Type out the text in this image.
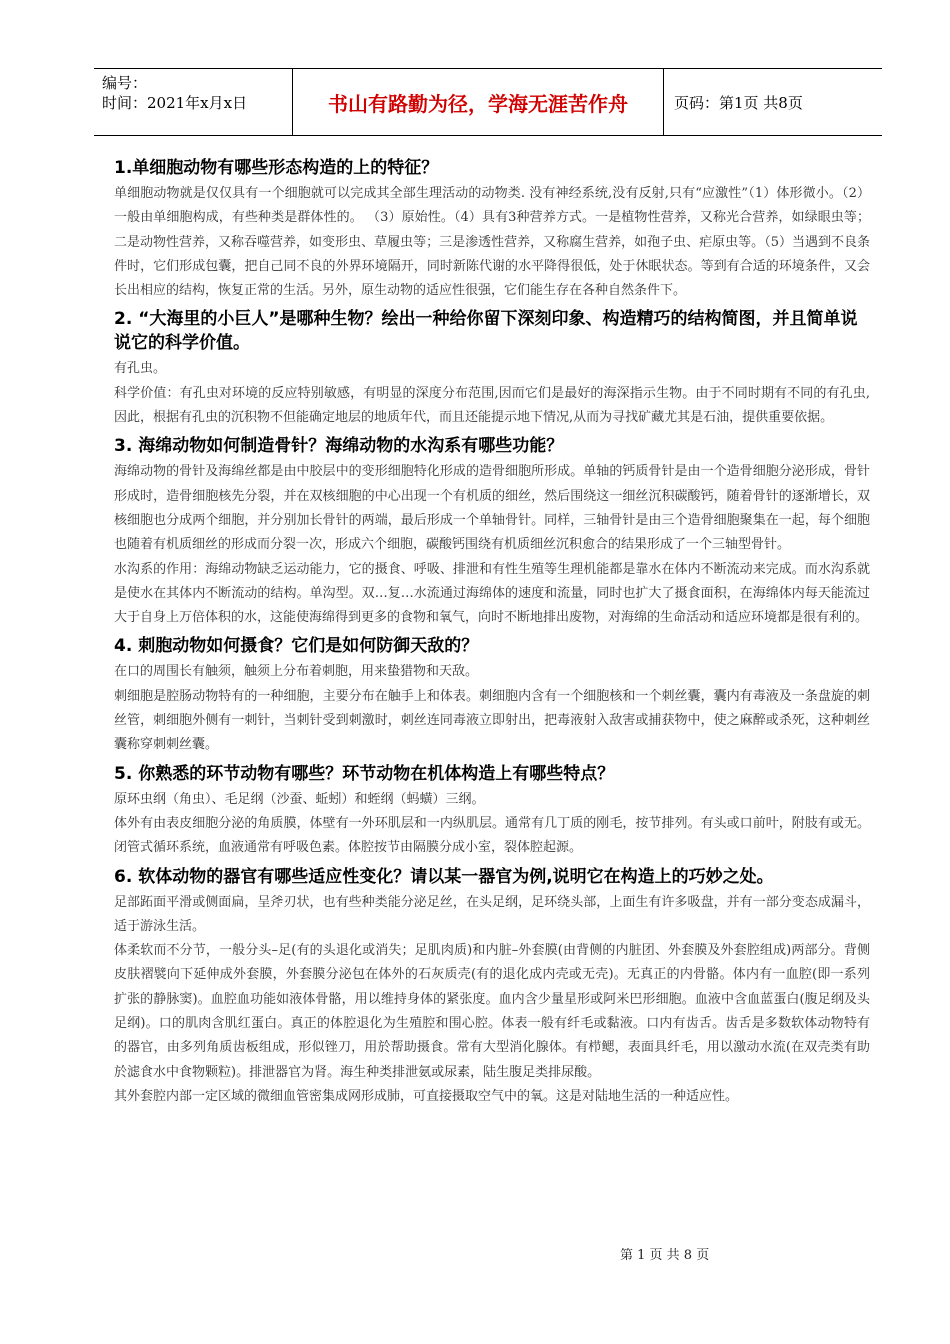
编号：
时间：2021年x月x日	书山有路勤为径，学海无涯苦作舟	页码：第1页 共8页
1.单细胞动物有哪些形态构造的上的特征？

单细胞动物就是仅仅具有一个细胞就可以完成其全部生理活动的动物类. 没有神经系统,没有反射,只有“应激性”（1）体形微小。（2）一般由单细胞构成，有些种类是群体性的。 （3）原始性。（4）具有3种营养方式。一是植物性营养，又称光合营养，如绿眼虫等；二是动物性营养，又称吞噬营养，如变形虫、草履虫等；三是渗透性营养，又称腐生营养，如孢子虫、疟原虫等。（5）当遇到不良条件时，它们形成包囊，把自己同不良的外界环境隔开，同时新陈代谢的水平降得很低，处于休眠状态。等到有合适的环境条件，又会长出相应的结构，恢复正常的生活。另外，原生动物的适应性很强，它们能生存在各种自然条件下。

2. “大海里的小巨人”是哪种生物？绘出一种给你留下深刻印象、构造精巧的结构简图，并且简单说说它的科学价值。

有孔虫。

科学价值：有孔虫对环境的反应特别敏感，有明显的深度分布范围,因而它们是最好的海深指示生物。由于不同时期有不同的有孔虫,因此，根据有孔虫的沉积物不但能确定地层的地质年代，而且还能提示地下情况,从而为寻找矿藏尤其是石油，提供重要依据。

3. 海绵动物如何制造骨针？海绵动物的水沟系有哪些功能？

海绵动物的骨针及海绵丝都是由中胶层中的变形细胞特化形成的造骨细胞所形成。单轴的钙质骨针是由一个造骨细胞分泌形成，骨针形成时，造骨细胞核先分裂，并在双核细胞的中心出现一个有机质的细丝，然后围绕这一细丝沉积碳酸钙，随着骨针的逐渐增长，双核细胞也分成两个细胞，并分别加长骨针的两端，最后形成一个单轴骨针。同样，三轴骨针是由三个造骨细胞聚集在一起，每个细胞也随着有机质细丝的形成而分裂一次，形成六个细胞，碳酸钙围绕有机质细丝沉积愈合的结果形成了一个三轴型骨针。

水沟系的作用：海绵动物缺乏运动能力，它的摄食、呼吸、排泄和有性生殖等生理机能都是靠水在体内不断流动来完成。而水沟系就是使水在其体内不断流动的结构。单沟型。双…复…水流通过海绵体的速度和流量，同时也扩大了摄食面积，在海绵体内每天能流过大于自身上万倍体积的水，这能使海绵得到更多的食物和氧气，向时不断地排出废物，对海绵的生命活动和适应环境都是很有利的。

4. 刺胞动物如何摄食？它们是如何防御天敌的？

在口的周围长有触须，触须上分布着刺胞，用来蛰猎物和天敌。

刺细胞是腔肠动物特有的一种细胞，主要分布在触手上和体表。刺细胞内含有一个细胞核和一个刺丝囊，囊内有毒液及一条盘旋的刺丝管，刺细胞外侧有一刺针，当刺针受到刺激时，刺丝连同毒液立即射出，把毒液射入敌害或捕获物中，使之麻醉或杀死，这种刺丝囊称穿刺刺丝囊。

5. 你熟悉的环节动物有哪些？环节动物在机体构造上有哪些特点？

原环虫纲（角虫）、毛足纲（沙蚕、蚯蚓）和蛭纲（蚂蟥）三纲。

体外有由表皮细胞分泌的角质膜，体壁有一外环肌层和一内纵肌层。通常有几丁质的刚毛，按节排列。有头或口前叶，附肢有或无。闭管式循环系统，血液通常有呼吸色素。体腔按节由隔膜分成小室，裂体腔起源。

6. 软体动物的器官有哪些适应性变化？请以某一器官为例,说明它在构造上的巧妙之处。

足部跖面平滑或侧面扁，呈斧刃状，也有些种类能分泌足丝，在头足纲，足环绕头部，上面生有许多吸盘，并有一部分变态成漏斗，适于游泳生活。

体柔软而不分节，一般分头–足(有的头退化或消失；足肌肉质)和内脏–外套膜(由背侧的内脏团、外套膜及外套腔组成)两部分。背侧皮肤褶襞向下延伸成外套膜，外套膜分泌包在体外的石灰质壳(有的退化成内壳或无壳)。无真正的内骨骼。体内有一血腔(即一系列扩张的静脉窦)。血腔血功能如液体骨骼，用以维持身体的紧张度。血内含少量星形或阿米巴形细胞。血液中含血蓝蛋白(腹足纲及头足纲)。口的肌肉含肌红蛋白。真正的体腔退化为生殖腔和围心腔。体表一般有纤毛或黏液。口内有齿舌。齿舌是多数软体动物特有的器官，由多列角质齿板组成，形似锉刀，用於帮助摄食。常有大型消化腺体。有栉鳃，表面具纤毛，用以激动水流(在双壳类有助於滤食水中食物颗粒)。排泄器官为肾。海生种类排泄氨或尿素，陆生腹足类排尿酸。

其外套腔内部一定区域的微细血管密集成网形成肺，可直接摄取空气中的氧。这是对陆地生活的一种适应性。

第 1 页 共 8 页
